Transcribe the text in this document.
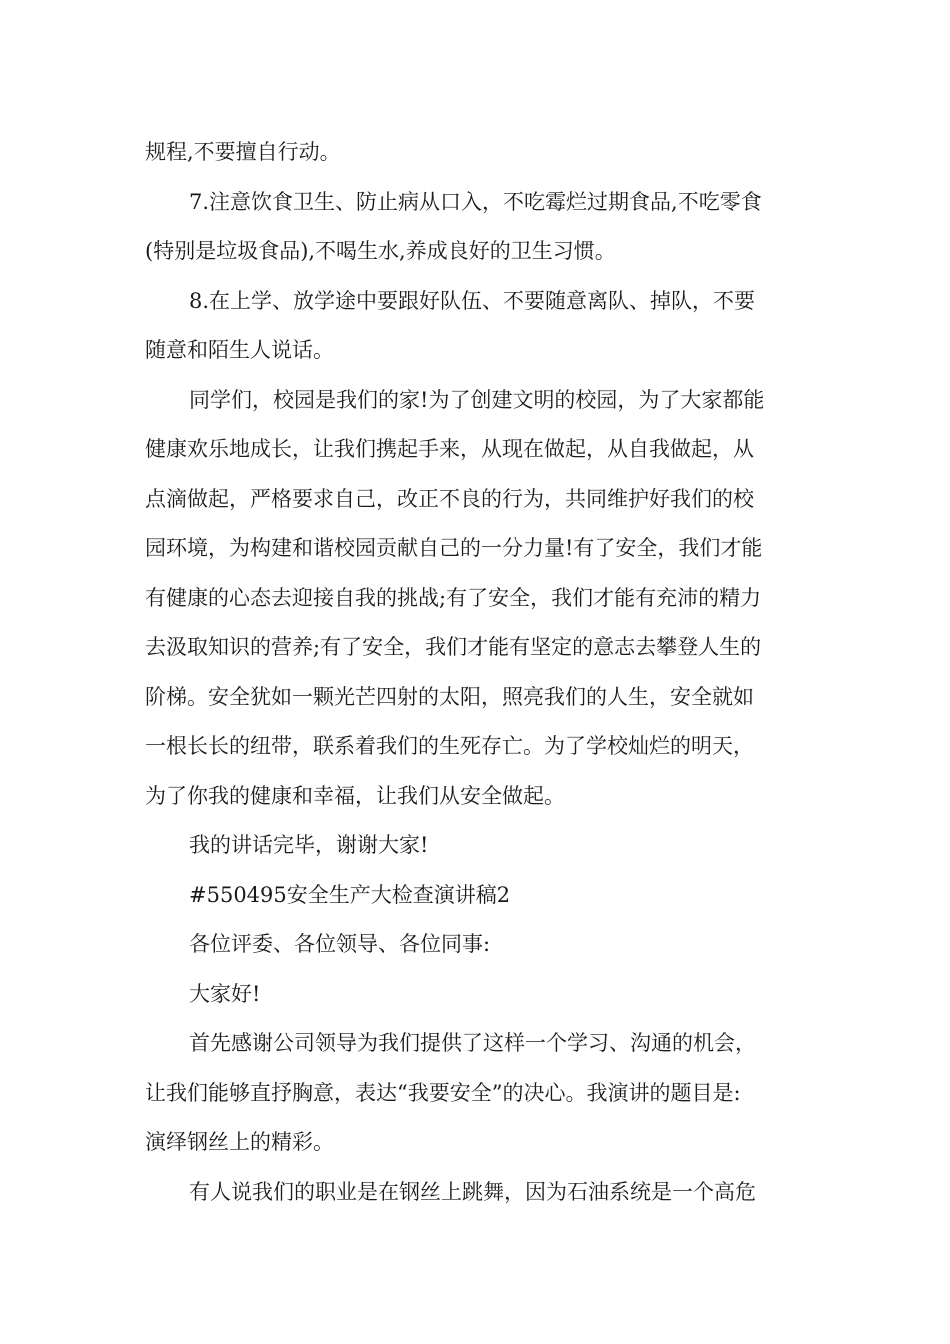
规程,不要擅自行动。
7.注意饮食卫生、防止病从口入，不吃霉烂过期食品,不吃零食
(特别是垃圾食品),不喝生水,养成良好的卫生习惯。
8.在上学、放学途中要跟好队伍、不要随意离队、掉队，不要
随意和陌生人说话。
同学们，校园是我们的家!为了创建文明的校园，为了大家都能
健康欢乐地成长，让我们携起手来，从现在做起，从自我做起，从
点滴做起，严格要求自己，改正不良的行为，共同维护好我们的校
园环境，为构建和谐校园贡献自己的一分力量!有了安全，我们才能
有健康的心态去迎接自我的挑战;有了安全，我们才能有充沛的精力
去汲取知识的营养;有了安全，我们才能有坚定的意志去攀登人生的
阶梯。安全犹如一颗光芒四射的太阳，照亮我们的人生，安全就如
一根长长的纽带，联系着我们的生死存亡。为了学校灿烂的明天，
为了你我的健康和幸福，让我们从安全做起。
我的讲话完毕，谢谢大家!
#550495安全生产大检查演讲稿2
各位评委、各位领导、各位同事:
大家好!
首先感谢公司领导为我们提供了这样一个学习、沟通的机会，
让我们能够直抒胸意，表达“我要安全”的决心。我演讲的题目是:
演绎钢丝上的精彩。
有人说我们的职业是在钢丝上跳舞，因为石油系统是一个高危
